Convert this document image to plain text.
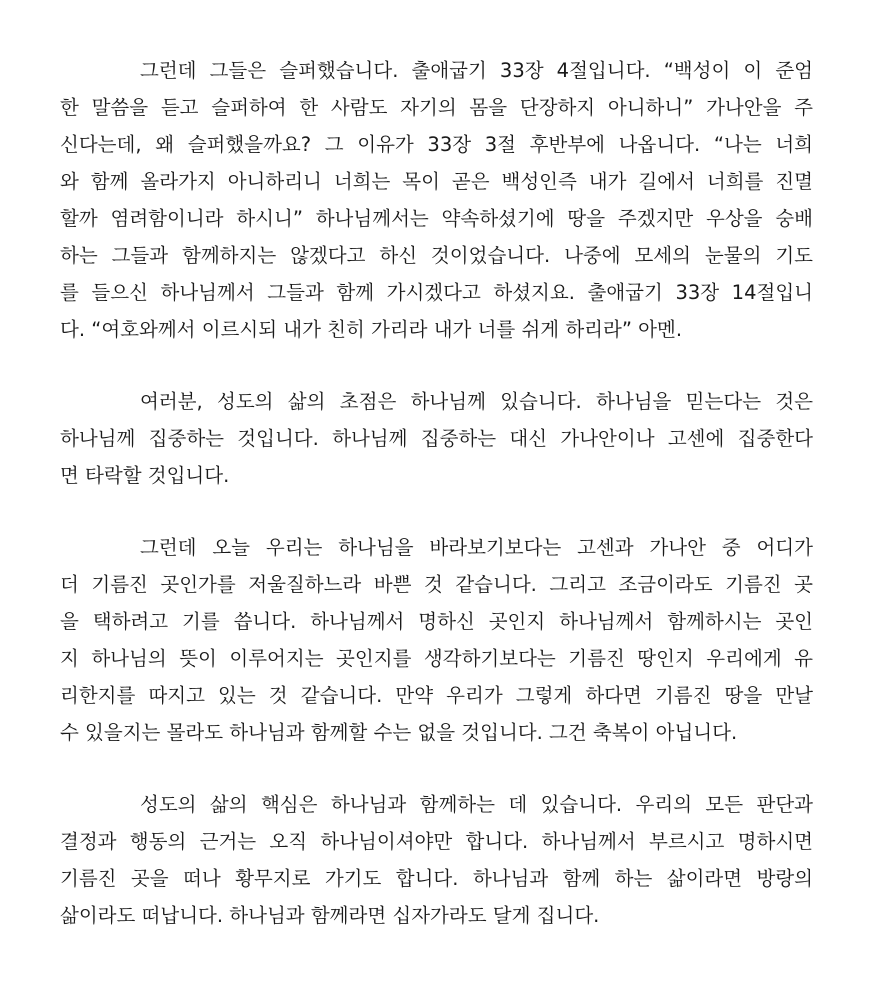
그런데 그들은 슬퍼했습니다. 출애굽기 33장 4절입니다. “백성이 이 준엄
한 말씀을 듣고 슬퍼하여 한 사람도 자기의 몸을 단장하지 아니하니” 가나안을 주
신다는데, 왜 슬퍼했을까요? 그 이유가 33장 3절 후반부에 나옵니다. “나는 너희
와 함께 올라가지 아니하리니 너희는 목이 곧은 백성인즉 내가 길에서 너희를 진멸
할까 염려함이니라 하시니” 하나님께서는 약속하셨기에 땅을 주겠지만 우상을 숭배
하는 그들과 함께하지는 않겠다고 하신 것이었습니다. 나중에 모세의 눈물의 기도
를 들으신 하나님께서 그들과 함께 가시겠다고 하셨지요. 출애굽기 33장 14절입니
다. “여호와께서 이르시되 내가 친히 가리라 내가 너를 쉬게 하리라” 아멘.
여러분, 성도의 삶의 초점은 하나님께 있습니다. 하나님을 믿는다는 것은
하나님께 집중하는 것입니다. 하나님께 집중하는 대신 가나안이나 고센에 집중한다
면 타락할 것입니다.
그런데 오늘 우리는 하나님을 바라보기보다는 고센과 가나안 중 어디가
더 기름진 곳인가를 저울질하느라 바쁜 것 같습니다. 그리고 조금이라도 기름진 곳
을 택하려고 기를 씁니다. 하나님께서 명하신 곳인지 하나님께서 함께하시는 곳인
지 하나님의 뜻이 이루어지는 곳인지를 생각하기보다는 기름진 땅인지 우리에게 유
리한지를 따지고 있는 것 같습니다. 만약 우리가 그렇게 하다면 기름진 땅을 만날
수 있을지는 몰라도 하나님과 함께할 수는 없을 것입니다. 그건 축복이 아닙니다.
성도의 삶의 핵심은 하나님과 함께하는 데 있습니다. 우리의 모든 판단과
결정과 행동의 근거는 오직 하나님이셔야만 합니다. 하나님께서 부르시고 명하시면
기름진 곳을 떠나 황무지로 가기도 합니다. 하나님과 함께 하는 삶이라면 방랑의
삶이라도 떠납니다. 하나님과 함께라면 십자가라도 달게 집니다.
